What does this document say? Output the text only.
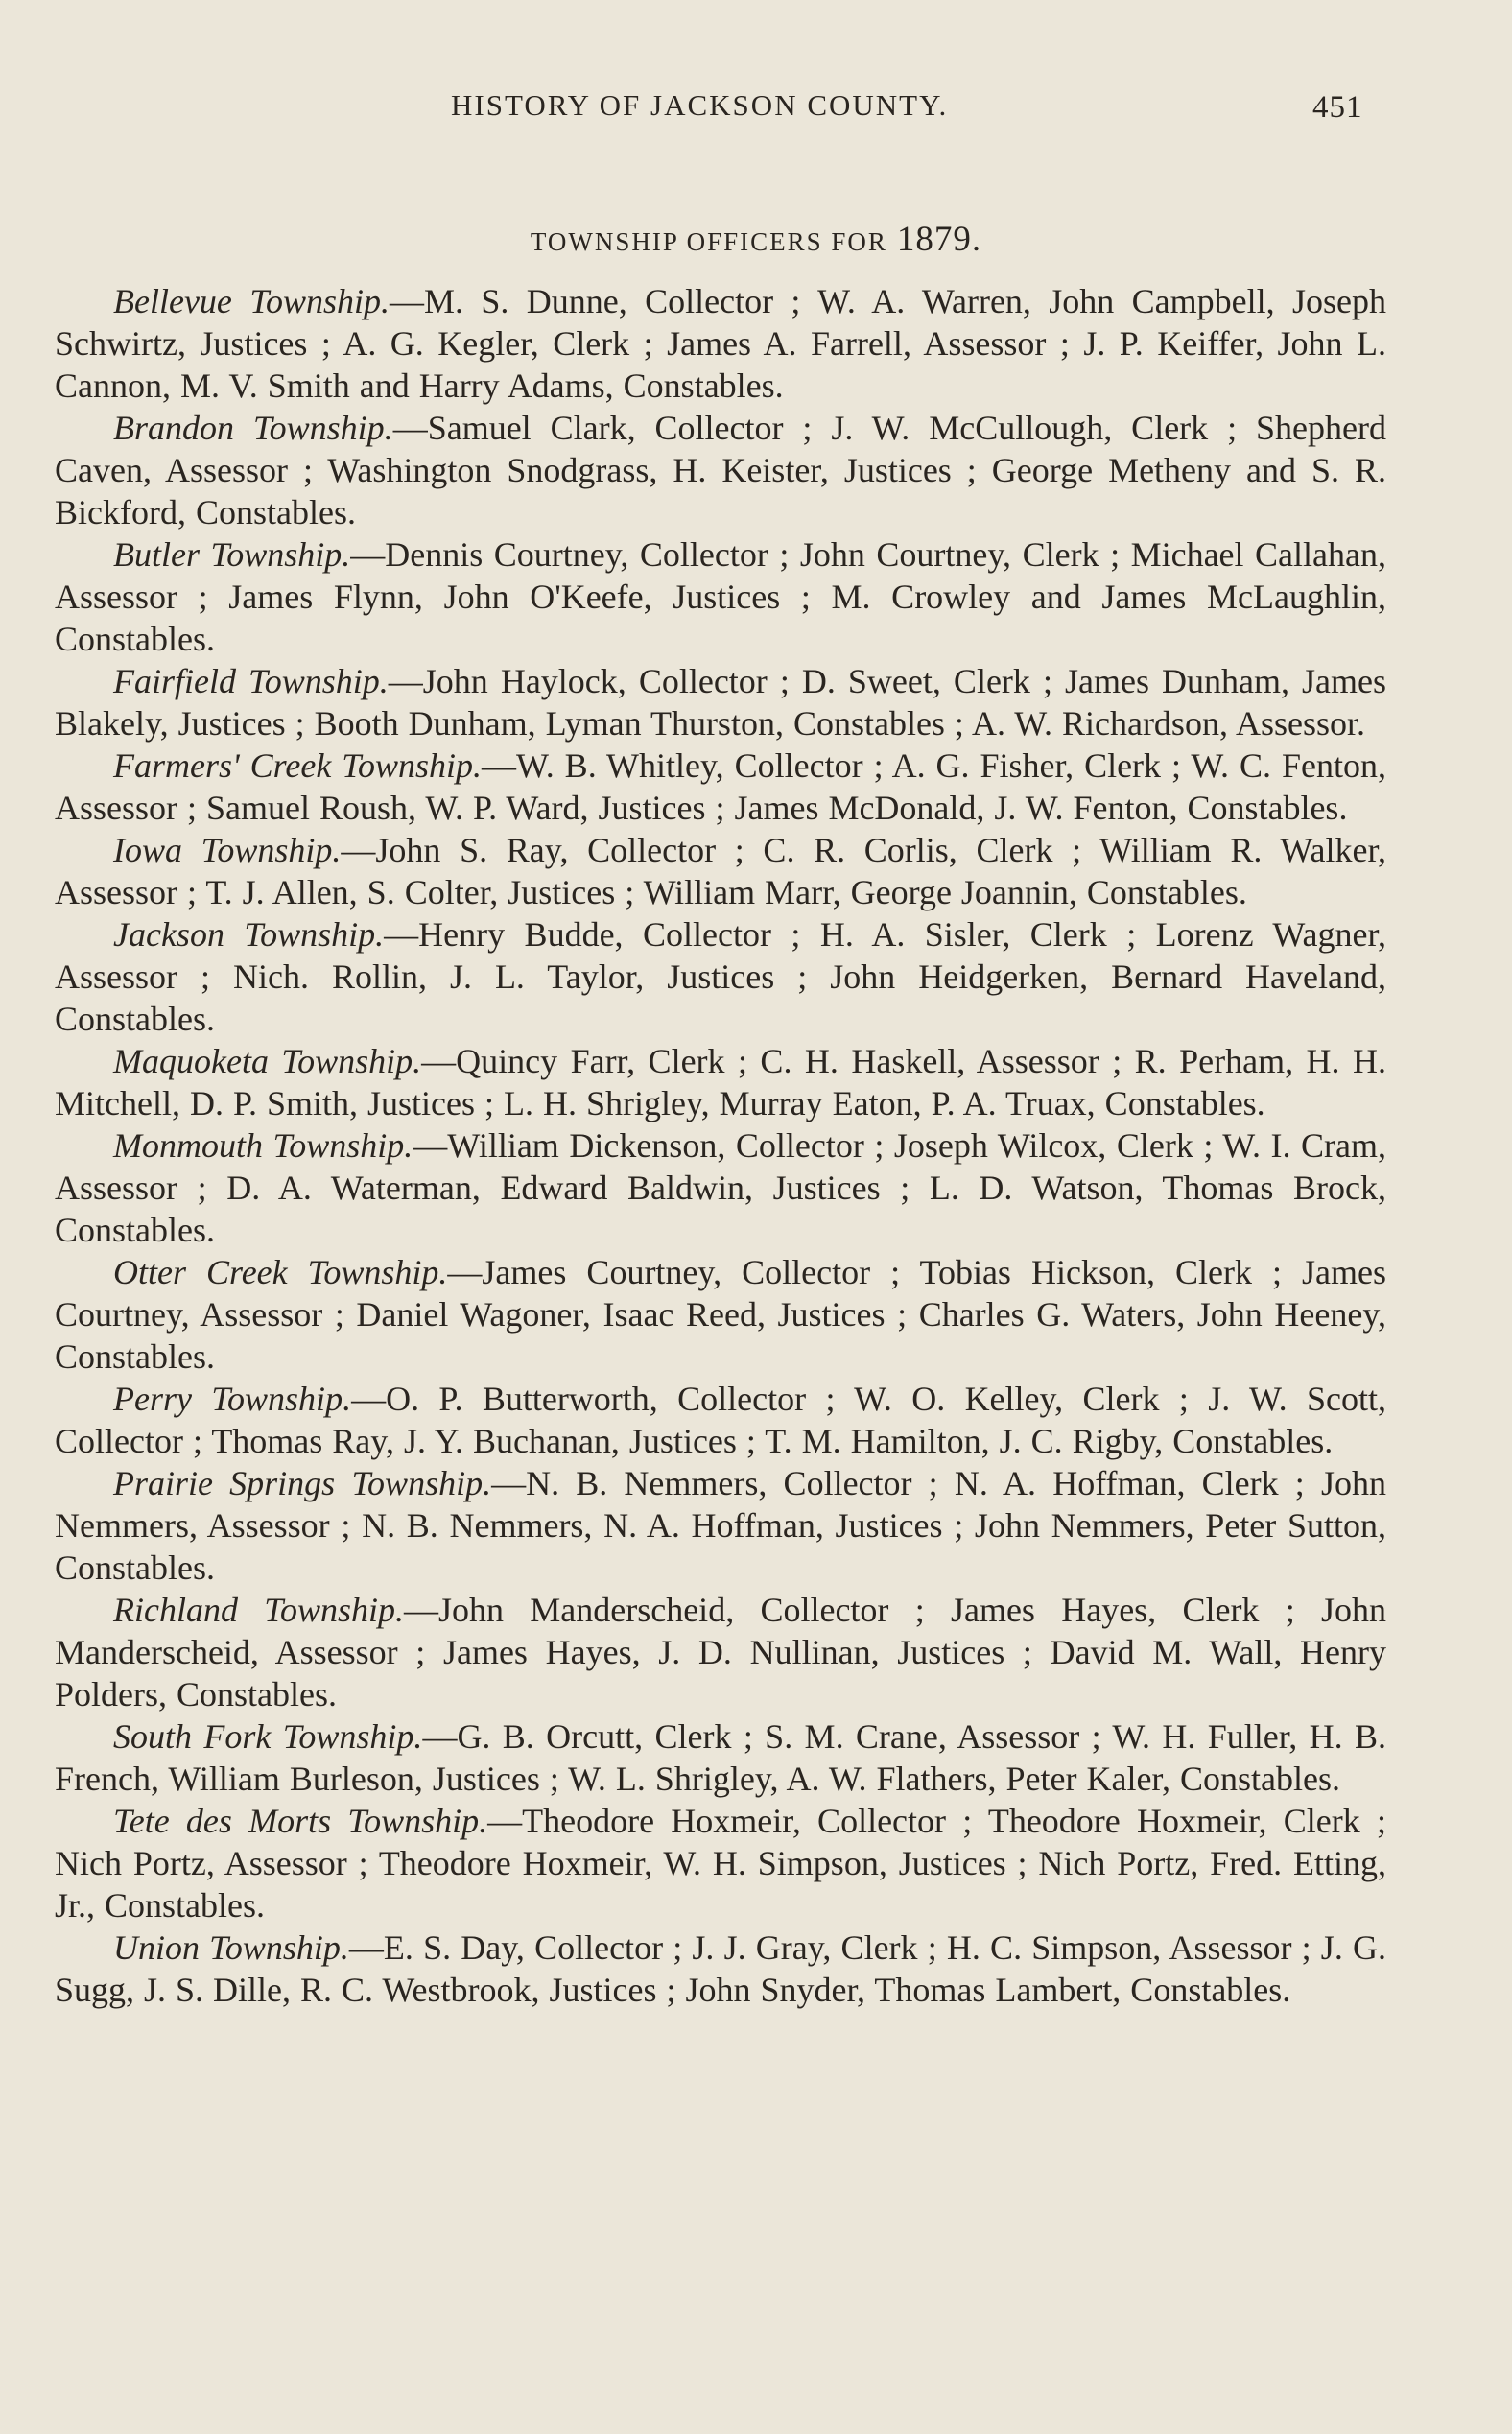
HISTORY OF JACKSON COUNTY.	451
TOWNSHIP OFFICERS FOR 1879.

Bellevue Township.—M. S. Dunne, Collector ; W. A. Warren, John Campbell, Joseph Schwirtz, Justices ; A. G. Kegler, Clerk ; James A. Farrell, Assessor ; J. P. Keiffer, John L. Cannon, M. V. Smith and Harry Adams, Constables.

Brandon Township.—Samuel Clark, Collector ; J. W. McCullough, Clerk ; Shepherd Caven, Assessor ; Washington Snodgrass, H. Keister, Justices ; George Metheny and S. R. Bickford, Constables.

Butler Township.—Dennis Courtney, Collector ; John Courtney, Clerk ; Michael Callahan, Assessor ; James Flynn, John O'Keefe, Justices ; M. Crowley and James McLaughlin, Constables.

Fairfield Township.—John Haylock, Collector ; D. Sweet, Clerk ; James Dunham, James Blakely, Justices ; Booth Dunham, Lyman Thurston, Constables ; A. W. Richardson, Assessor.

Farmers' Creek Township.—W. B. Whitley, Collector ; A. G. Fisher, Clerk ; W. C. Fenton, Assessor ; Samuel Roush, W. P. Ward, Justices ; James McDonald, J. W. Fenton, Constables.

Iowa Township.—John S. Ray, Collector ; C. R. Corlis, Clerk ; William R. Walker, Assessor ; T. J. Allen, S. Colter, Justices ; William Marr, George Joannin, Constables.

Jackson Township.—Henry Budde, Collector ; H. A. Sisler, Clerk ; Lorenz Wagner, Assessor ; Nich. Rollin, J. L. Taylor, Justices ; John Heidgerken, Bernard Haveland, Constables.

Maquoketa Township.—Quincy Farr, Clerk ; C. H. Haskell, Assessor ; R. Perham, H. H. Mitchell, D. P. Smith, Justices ; L. H. Shrigley, Murray Eaton, P. A. Truax, Constables.

Monmouth Township.—William Dickenson, Collector ; Joseph Wilcox, Clerk ; W. I. Cram, Assessor ; D. A. Waterman, Edward Baldwin, Justices ; L. D. Watson, Thomas Brock, Constables.

Otter Creek Township.—James Courtney, Collector ; Tobias Hickson, Clerk ; James Courtney, Assessor ; Daniel Wagoner, Isaac Reed, Justices ; Charles G. Waters, John Heeney, Constables.

Perry Township.—O. P. Butterworth, Collector ; W. O. Kelley, Clerk ; J. W. Scott, Collector ; Thomas Ray, J. Y. Buchanan, Justices ; T. M. Hamilton, J. C. Rigby, Constables.

Prairie Springs Township.—N. B. Nemmers, Collector ; N. A. Hoffman, Clerk ; John Nemmers, Assessor ; N. B. Nemmers, N. A. Hoffman, Justices ; John Nemmers, Peter Sutton, Constables.

Richland Township.—John Manderscheid, Collector ; James Hayes, Clerk ; John Manderscheid, Assessor ; James Hayes, J. D. Nullinan, Justices ; David M. Wall, Henry Polders, Constables.

South Fork Township.—G. B. Orcutt, Clerk ; S. M. Crane, Assessor ; W. H. Fuller, H. B. French, William Burleson, Justices ; W. L. Shrigley, A. W. Flathers, Peter Kaler, Constables.

Tete des Morts Township.—Theodore Hoxmeir, Collector ; Theodore Hoxmeir, Clerk ; Nich Portz, Assessor ; Theodore Hoxmeir, W. H. Simpson, Justices ; Nich Portz, Fred. Etting, Jr., Constables.

Union Township.—E. S. Day, Collector ; J. J. Gray, Clerk ; H. C. Simpson, Assessor ; J. G. Sugg, J. S. Dille, R. C. Westbrook, Justices ; John Snyder, Thomas Lambert, Constables.
